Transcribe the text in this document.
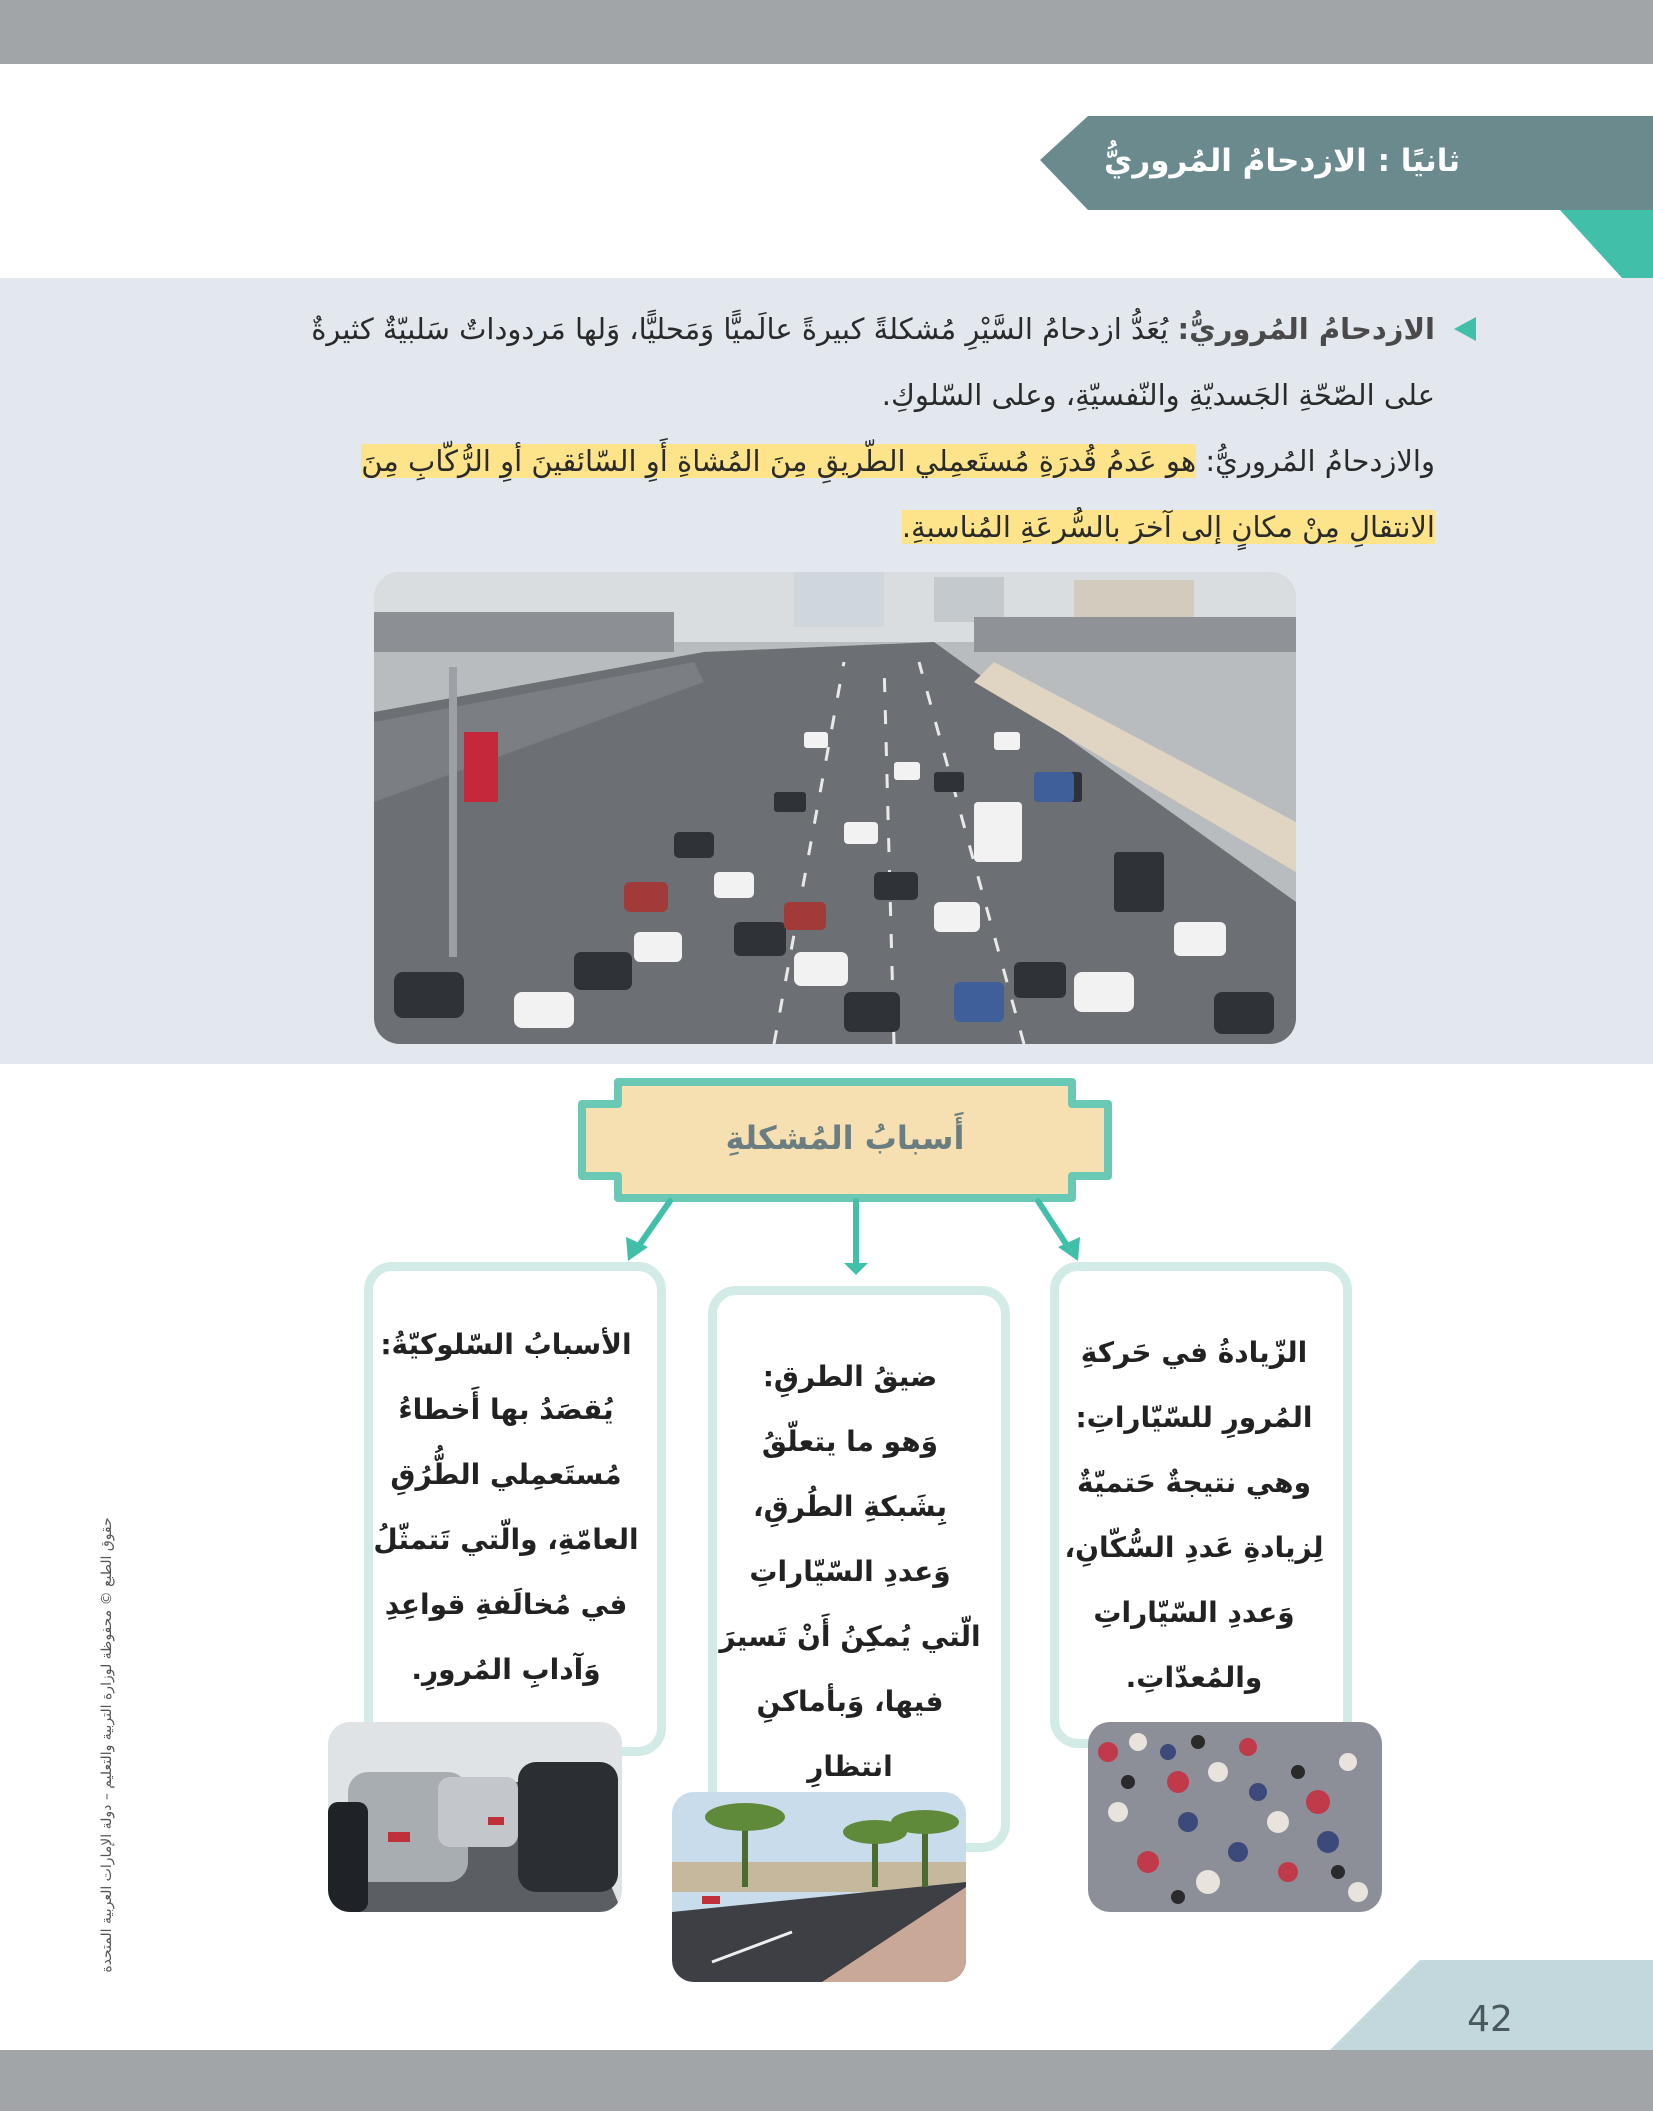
ثانيًا : الازدحامُ المُروريُّ
الازدحامُ المُروريُّ: يُعَدُّ ازدحامُ السَّيْرِ مُشكلةً كبيرةً عالَميًّا وَمَحليًّا، وَلها مَردوداتٌ سَلبيّةٌ كثيرةٌ
على الصّحّةِ الجَسديّةِ والنّفسيّةِ، وعلى السّلوكِ.
والازدحامُ المُروريُّ: هو عَدمُ قُدرَةِ مُستَعمِلي الطّريقِ مِنَ المُشاةِ أَوِ السّائقينَ أوِ الرُّكّابِ مِنَ
الانتقالِ مِنْ مكانٍ إلى آخرَ بالسُّرعَةِ المُناسبةِ.
أَسبابُ المُشكلةِ
الزّيادةُ في حَركةِ
المُرورِ للسّيّاراتِ:
وهي نتيجةٌ حَتميّةٌ
لِزيادةِ عَددِ السُّكّانِ،
وَعددِ السّيّاراتِ
والمُعدّاتِ.
ضيقُ الطرقِ:
وَهو ما يتعلّقُ
بِشَبكةِ الطُرقِ،
وَعددِ السّيّاراتِ
الّتي يُمكِنُ أَنْ تَسيرَ
فيها، وَبأماكنِ انتظارِ
الأسبابُ السّلوكيّةُ:
يُقصَدُ بها أَخطاءُ
مُستَعمِلي الطُّرُقِ
العامّةِ، والّتي تَتمثّلُ
في مُخالَفةِ قواعِدِ
وَآدابِ المُرورِ.
42
حقوق الطبع © محفوظة لوزارة التربية والتعليم – دولة الإمارات العربية المتحدة
